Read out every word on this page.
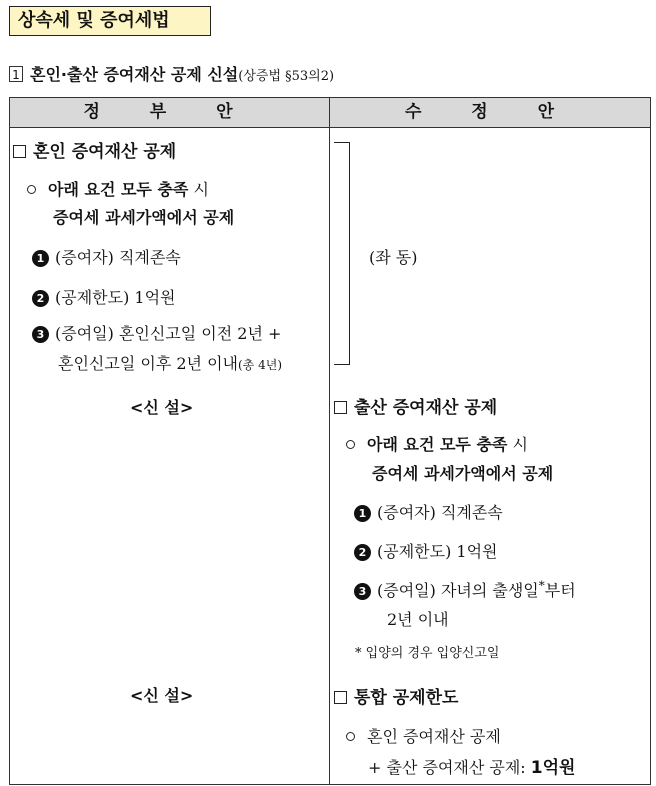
상속세 및 증여세법
1 혼인·출산 증여재산 공제 신설(상증법 §53의2)
정 부 안	수 정 안
혼인 증여재산 공제
아래 요건 모두 충족 시
증여세 과세가액에서 공제
1 (증여자) 직계존속
2 (공제한도) 1억원
3 (증여일) 혼인신고일 이전 2년 +
혼인신고일 이후 2년 이내(총 4년)
<신 설>
<신 설>
(좌 동)
출산 증여재산 공제
아래 요건 모두 충족 시
증여세 과세가액에서 공제
1 (증여자) 직계존속
2 (공제한도) 1억원
3 (증여일) 자녀의 출생일*부터
2년 이내
* 입양의 경우 입양신고일
통합 공제한도
혼인 증여재산 공제
+ 출산 증여재산 공제: 1억원
